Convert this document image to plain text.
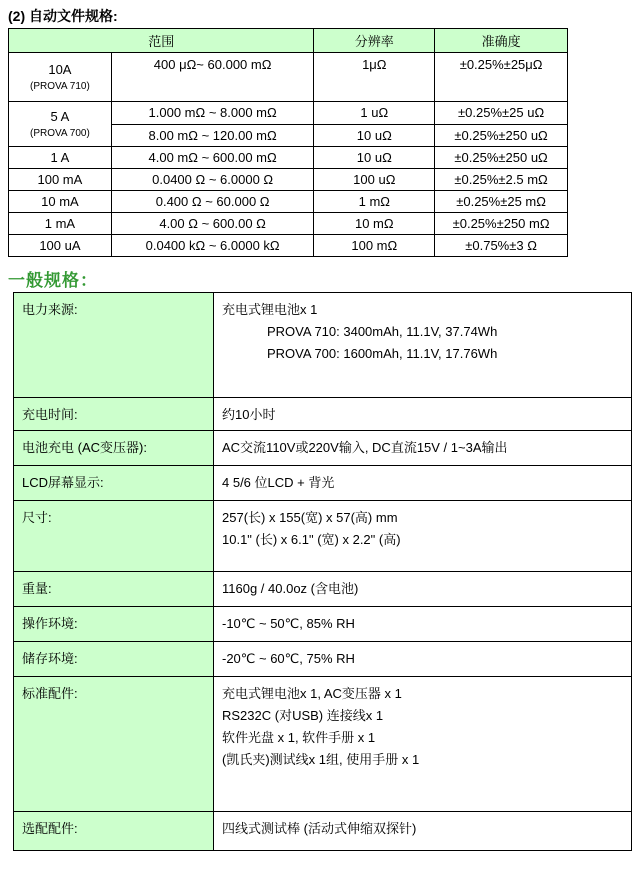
(2) 自动文件规格:
范围		分辨率	准确度
10A
(PROVA 710)	400 μΩ~ 60.000 mΩ	1μΩ	±0.25%±25μΩ
5 A
(PROVA 700)	1.000 mΩ ~ 8.000 mΩ	1 uΩ	±0.25%±25 uΩ
	8.00 mΩ ~ 120.00 mΩ	10 uΩ	±0.25%±250 uΩ
1 A	4.00 mΩ ~ 600.00 mΩ	10 uΩ	±0.25%±250 uΩ
100 mA	0.0400 Ω ~ 6.0000 Ω	100 uΩ	±0.25%±2.5 mΩ
10 mA	0.400 Ω ~ 60.000 Ω	1 mΩ	±0.25%±25 mΩ
1 mA	4.00 Ω ~ 600.00 Ω	10 mΩ	±0.25%±250 mΩ
100 uA	0.0400 kΩ ~ 6.0000 kΩ	100 mΩ	±0.75%±3 Ω
一般规格：
电力来源:	充电式锂电池x 1
PROVA 710: 3400mAh, 11.1V, 37.74Wh
PROVA 700: 1600mAh, 11.1V, 17.76Wh

充电时间:	约10小时

电池充电 (AC变压器):	AC交流110V或220V输入, DC直流15V / 1~3A输出

LCD屏幕显示:	4 5/6 位LCD + 背光

尺寸:	257(长) x 155(宽) x 57(高) mm
10.1" (长) x 6.1" (宽) x 2.2" (高)

重量:	1160g / 40.0oz (含电池)

操作环境:	-10℃ ~ 50℃, 85% RH

储存环境:	-20℃ ~ 60℃, 75% RH

标准配件:	充电式锂电池x 1, AC变压器 x 1
RS232C (对USB) 连接线x 1
软件光盘 x 1, 软件手册 x 1
(凯氏夹)测试线x 1组, 使用手册 x 1

选配配件:	四线式测试棒 (活动式伸缩双探针)
